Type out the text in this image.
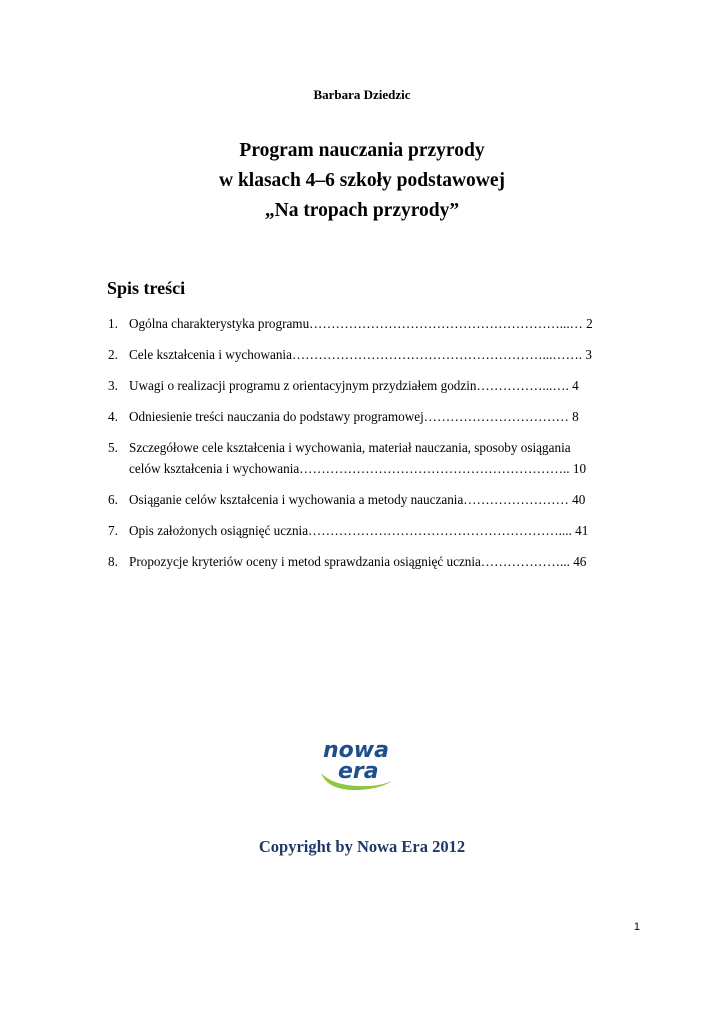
Barbara Dziedzic
Program nauczania przyrody
w klasach 4–6 szkoły podstawowej
„Na tropach przyrody”
Spis treści
1. Ogólna charakterystyka programu…………………………………………………...… 2
2. Cele kształcenia i wychowania…………………………………………………...……. 3
3. Uwagi o realizacji programu z orientacyjnym przydziałem godzin……………...…. 4
4. Odniesienie treści nauczania do podstawy programowej…………………………… 8
5. Szczegółowe cele kształcenia i wychowania, materiał nauczania, sposoby osiągania
celów kształcenia i wychowania…………………………………………………….. 10
6. Osiąganie celów kształcenia i wychowania a metody nauczania…………………… 40
7. Opis założonych osiągnięć ucznia………………………………………………….... 41
8. Propozycje kryteriów oceny i metod sprawdzania osiągnięć ucznia………………... 46
nowa
era
Copyright by Nowa Era 2012
1
